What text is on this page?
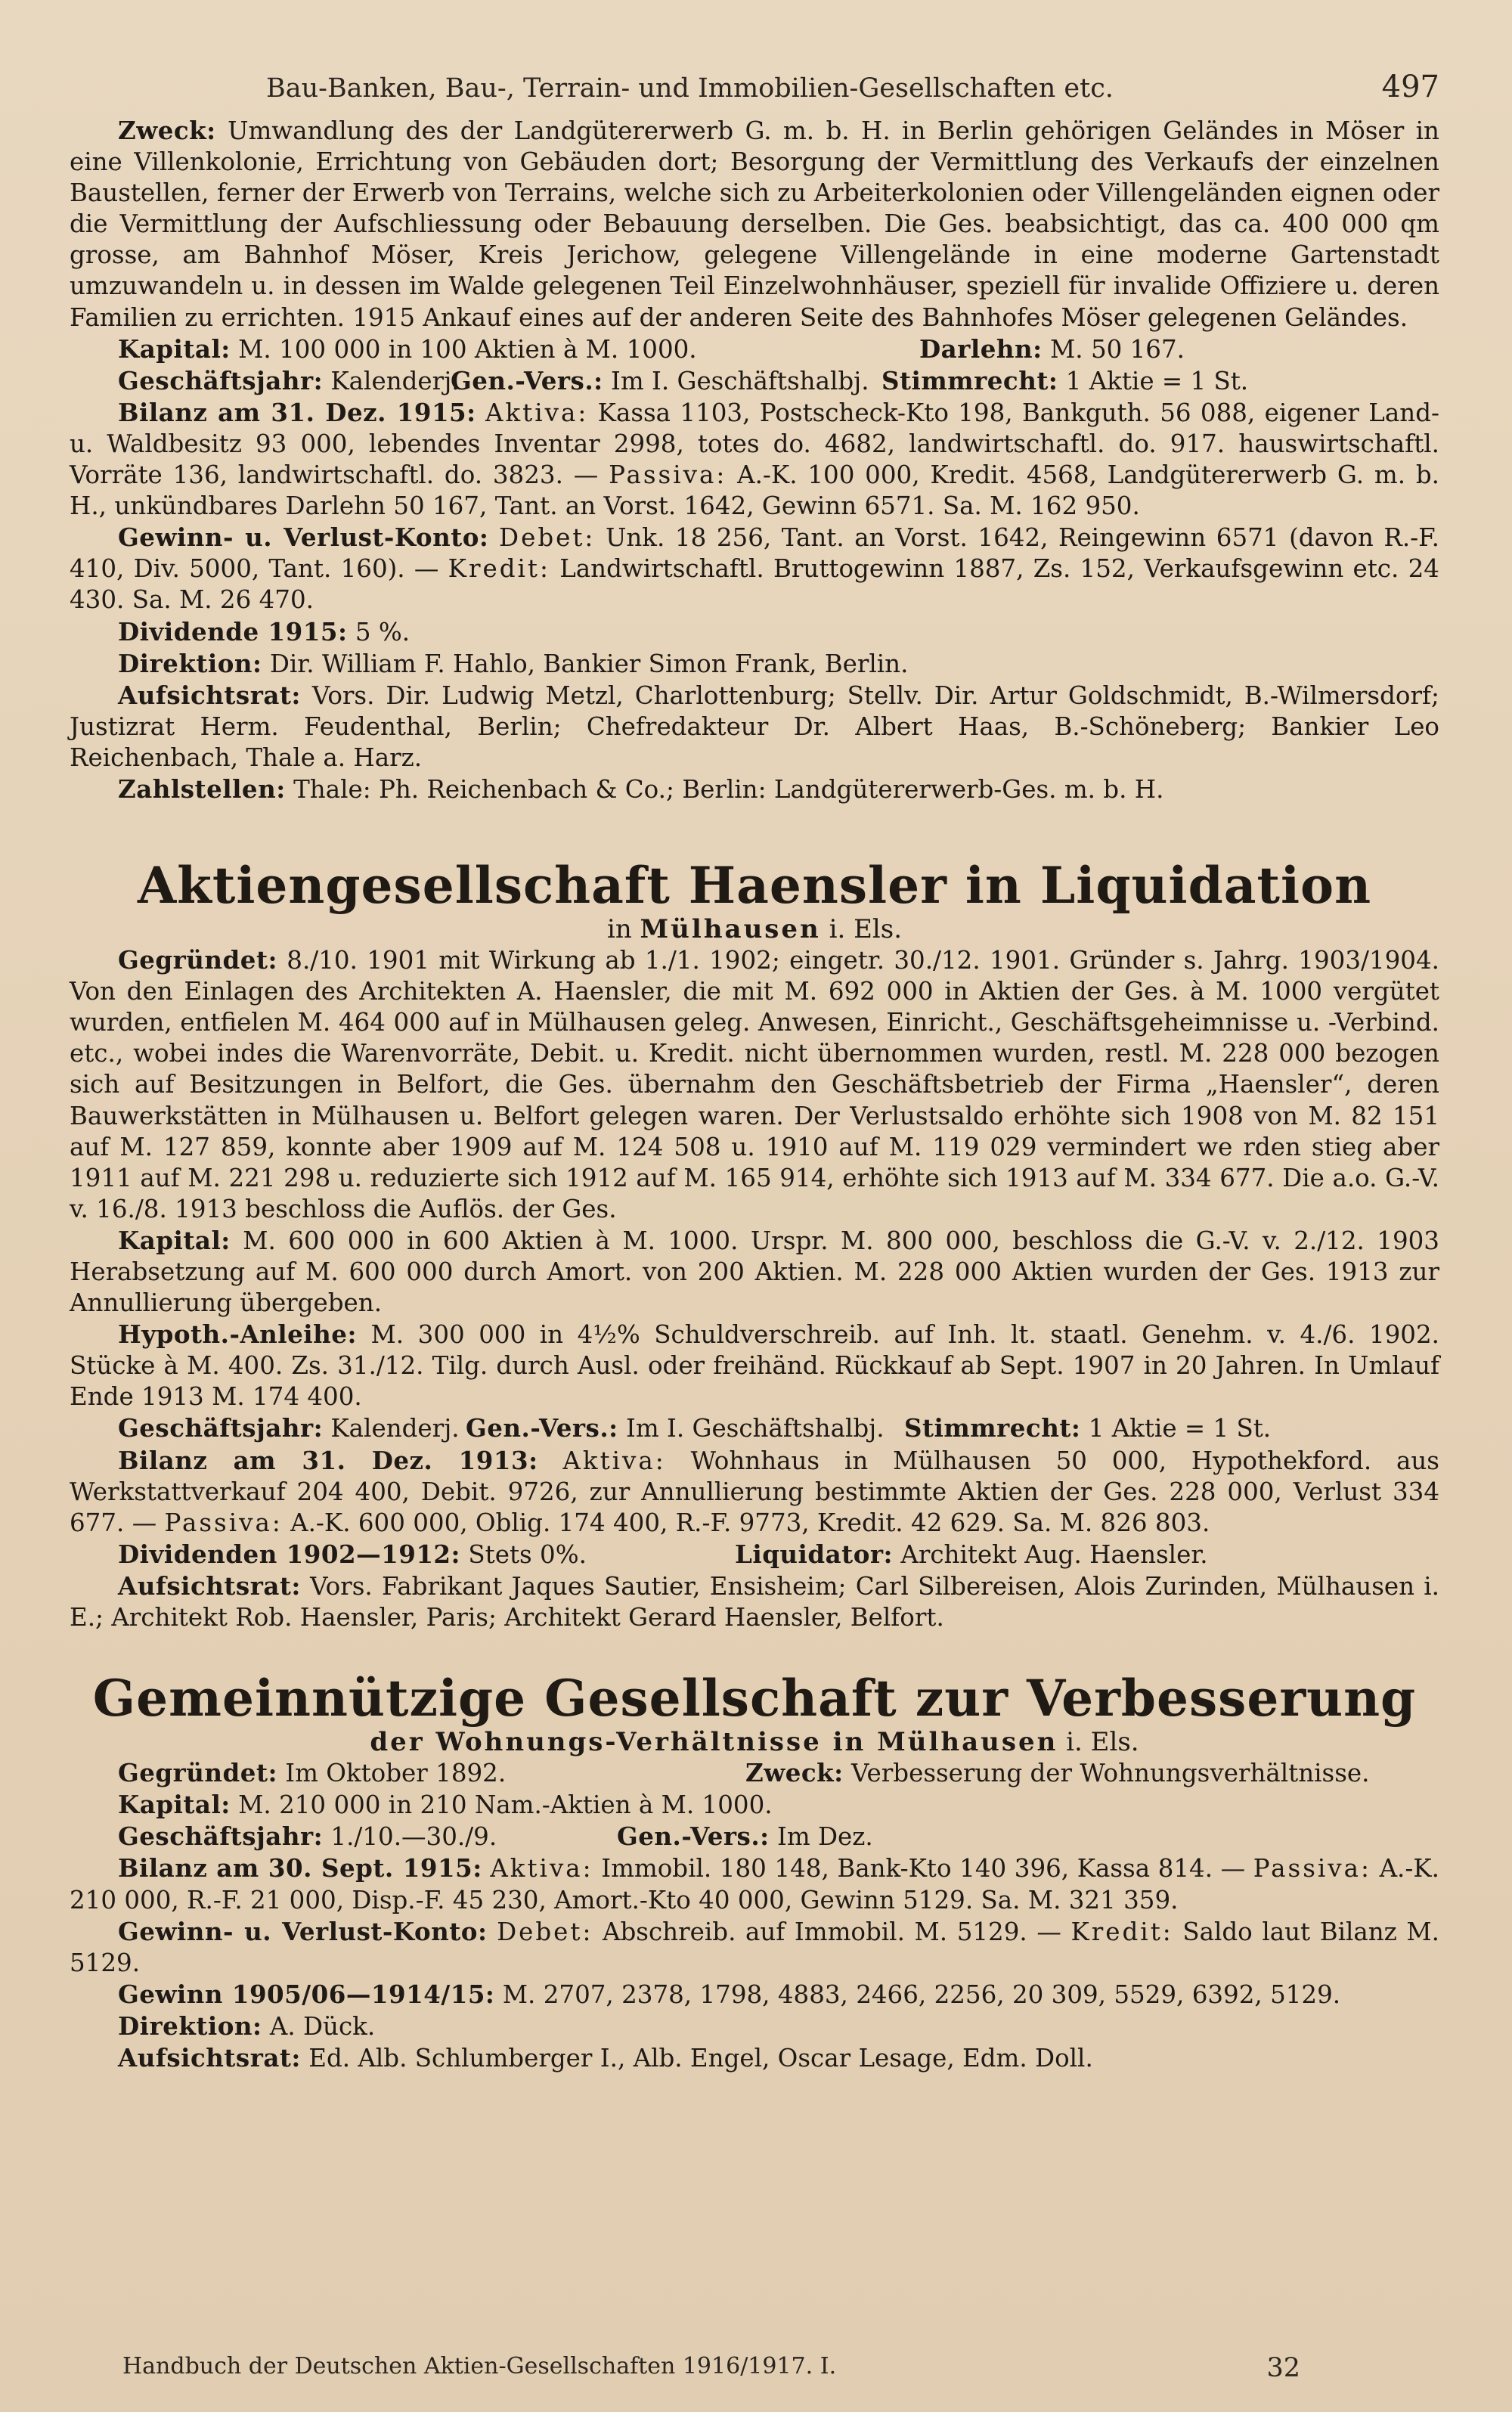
Bau-Banken, Bau-, Terrain- und Immobilien-Gesellschaften etc.	497

Zweck: Umwandlung des der Landgütererwerb G. m. b. H. in Berlin gehörigen Geländes in Möser in eine Villenkolonie, Errichtung von Gebäuden dort; Besorgung der Vermittlung des Verkaufs der einzelnen Baustellen, ferner der Erwerb von Terrains, welche sich zu Arbeiterkolonien oder Villengeländen eignen oder die Vermittlung der Aufschliessung oder Bebauung derselben. Die Ges. beabsichtigt, das ca. 400 000 qm grosse, am Bahnhof Möser, Kreis Jerichow, gelegene Villengelände in eine moderne Gartenstadt umzuwandeln u. in dessen im Walde gelegenen Teil Einzelwohnhäuser, speziell für invalide Offiziere u. deren Familien zu errichten. 1915 Ankauf eines auf der anderen Seite des Bahnhofes Möser gelegenen Geländes.

Kapital: M. 100 000 in 100 Aktien à M. 1000.	Darlehn: M. 50 167.
Geschäftsjahr: Kalenderj.
Gen.-Vers.: Im I. Geschäftshalbj. Stimmrecht: 1 Aktie = 1 St.

Bilanz am 31. Dez. 1915: Aktiva: Kassa 1103, Postscheck-Kto 198, Bankguth. 56 088, eigener Land- u. Waldbesitz 93 000, lebendes Inventar 2998, totes do. 4682, landwirtschaftl. do. 917. hauswirtschaftl. Vorräte 136, landwirtschaftl. do. 3823. — Passiva: A.-K. 100 000, Kredit. 4568, Landgütererwerb G. m. b. H., unkündbares Darlehn 50 167, Tant. an Vorst. 1642, Gewinn 6571. Sa. M. 162 950.

Gewinn- u. Verlust-Konto: Debet: Unk. 18 256, Tant. an Vorst. 1642, Reingewinn 6571 (davon R.-F. 410, Div. 5000, Tant. 160). — Kredit: Landwirtschaftl. Bruttogewinn 1887, Zs. 152, Verkaufsgewinn etc. 24 430. Sa. M. 26 470.

Dividende 1915: 5 %.

Direktion: Dir. William F. Hahlo, Bankier Simon Frank, Berlin.

Aufsichtsrat: Vors. Dir. Ludwig Metzl, Charlottenburg; Stellv. Dir. Artur Goldschmidt, B.-Wilmersdorf; Justizrat Herm. Feudenthal, Berlin; Chefredakteur Dr. Albert Haas, B.-Schöneberg; Bankier Leo Reichenbach, Thale a. Harz.

Zahlstellen: Thale: Ph. Reichenbach & Co.; Berlin: Landgütererwerb-Ges. m. b. H.

Aktiengesellschaft Haensler in Liquidation
in Mülhausen i. Els.

Gegründet: 8./10. 1901 mit Wirkung ab 1./1. 1902; eingetr. 30./12. 1901. Gründer s. Jahrg. 1903/1904. Von den Einlagen des Architekten A. Haensler, die mit M. 692 000 in Aktien der Ges. à M. 1000 vergütet wurden, entfielen M. 464 000 auf in Mülhausen geleg. Anwesen, Einricht., Geschäftsgeheimnisse u. -Verbind. etc., wobei indes die Warenvorräte, Debit. u. Kredit. nicht übernommen wurden, restl. M. 228 000 bezogen sich auf Besitzungen in Belfort, die Ges. übernahm den Geschäftsbetrieb der Firma „Haensler“, deren Bauwerkstätten in Mülhausen u. Belfort gelegen waren. Der Verlustsaldo erhöhte sich 1908 von M. 82 151 auf M. 127 859, konnte aber 1909 auf M. 124 508 u. 1910 auf M. 119 029 vermindert we rden stieg aber 1911 auf M. 221 298 u. reduzierte sich 1912 auf M. 165 914, erhöhte sich 1913 auf M. 334 677. Die a.o. G.-V. v. 16./8. 1913 beschloss die Auflös. der Ges.

Kapital: M. 600 000 in 600 Aktien à M. 1000. Urspr. M. 800 000, beschloss die G.-V. v. 2./12. 1903 Herabsetzung auf M. 600 000 durch Amort. von 200 Aktien. M. 228 000 Aktien wurden der Ges. 1913 zur Annullierung übergeben.

Hypoth.-Anleihe: M. 300 000 in 4½% Schuldverschreib. auf Inh. lt. staatl. Genehm. v. 4./6. 1902. Stücke à M. 400. Zs. 31./12. Tilg. durch Ausl. oder freihänd. Rückkauf ab Sept. 1907 in 20 Jahren. In Umlauf Ende 1913 M. 174 400.

Geschäftsjahr: Kalenderj. Gen.-Vers.: Im I. Geschäftshalbj. Stimmrecht: 1 Aktie = 1 St.

Bilanz am 31. Dez. 1913: Aktiva: Wohnhaus in Mülhausen 50 000, Hypothekford. aus Werkstattverkauf 204 400, Debit. 9726, zur Annullierung bestimmte Aktien der Ges. 228 000, Verlust 334 677. — Passiva: A.-K. 600 000, Oblig. 174 400, R.-F. 9773, Kredit. 42 629. Sa. M. 826 803.

Dividenden 1902—1912: Stets 0%.	Liquidator: Architekt Aug. Haensler.

Aufsichtsrat: Vors. Fabrikant Jaques Sautier, Ensisheim; Carl Silbereisen, Alois Zurinden, Mülhausen i. E.; Architekt Rob. Haensler, Paris; Architekt Gerard Haensler, Belfort.

Gemeinnützige Gesellschaft zur Verbesserung
der Wohnungs-Verhältnisse in Mülhausen i. Els.
Gegründet: Im Oktober 1892.	Zweck: Verbesserung der Wohnungsverhältnisse.
Kapital: M. 210 000 in 210 Nam.-Aktien à M. 1000.
Geschäftsjahr: 1./10.—30./9.	Gen.-Vers.: Im Dez.

Bilanz am 30. Sept. 1915: Aktiva: Immobil. 180 148, Bank-Kto 140 396, Kassa 814. — Passiva: A.-K. 210 000, R.-F. 21 000, Disp.-F. 45 230, Amort.-Kto 40 000, Gewinn 5129. Sa. M. 321 359.

Gewinn- u. Verlust-Konto: Debet: Abschreib. auf Immobil. M. 5129. — Kredit: Saldo laut Bilanz M. 5129.

Gewinn 1905/06—1914/15: M. 2707, 2378, 1798, 4883, 2466, 2256, 20 309, 5529, 6392, 5129.

Direktion: A. Dück.

Aufsichtsrat: Ed. Alb. Schlumberger I., Alb. Engel, Oscar Lesage, Edm. Doll.

Handbuch der Deutschen Aktien-Gesellschaften 1916/1917. I.	32
